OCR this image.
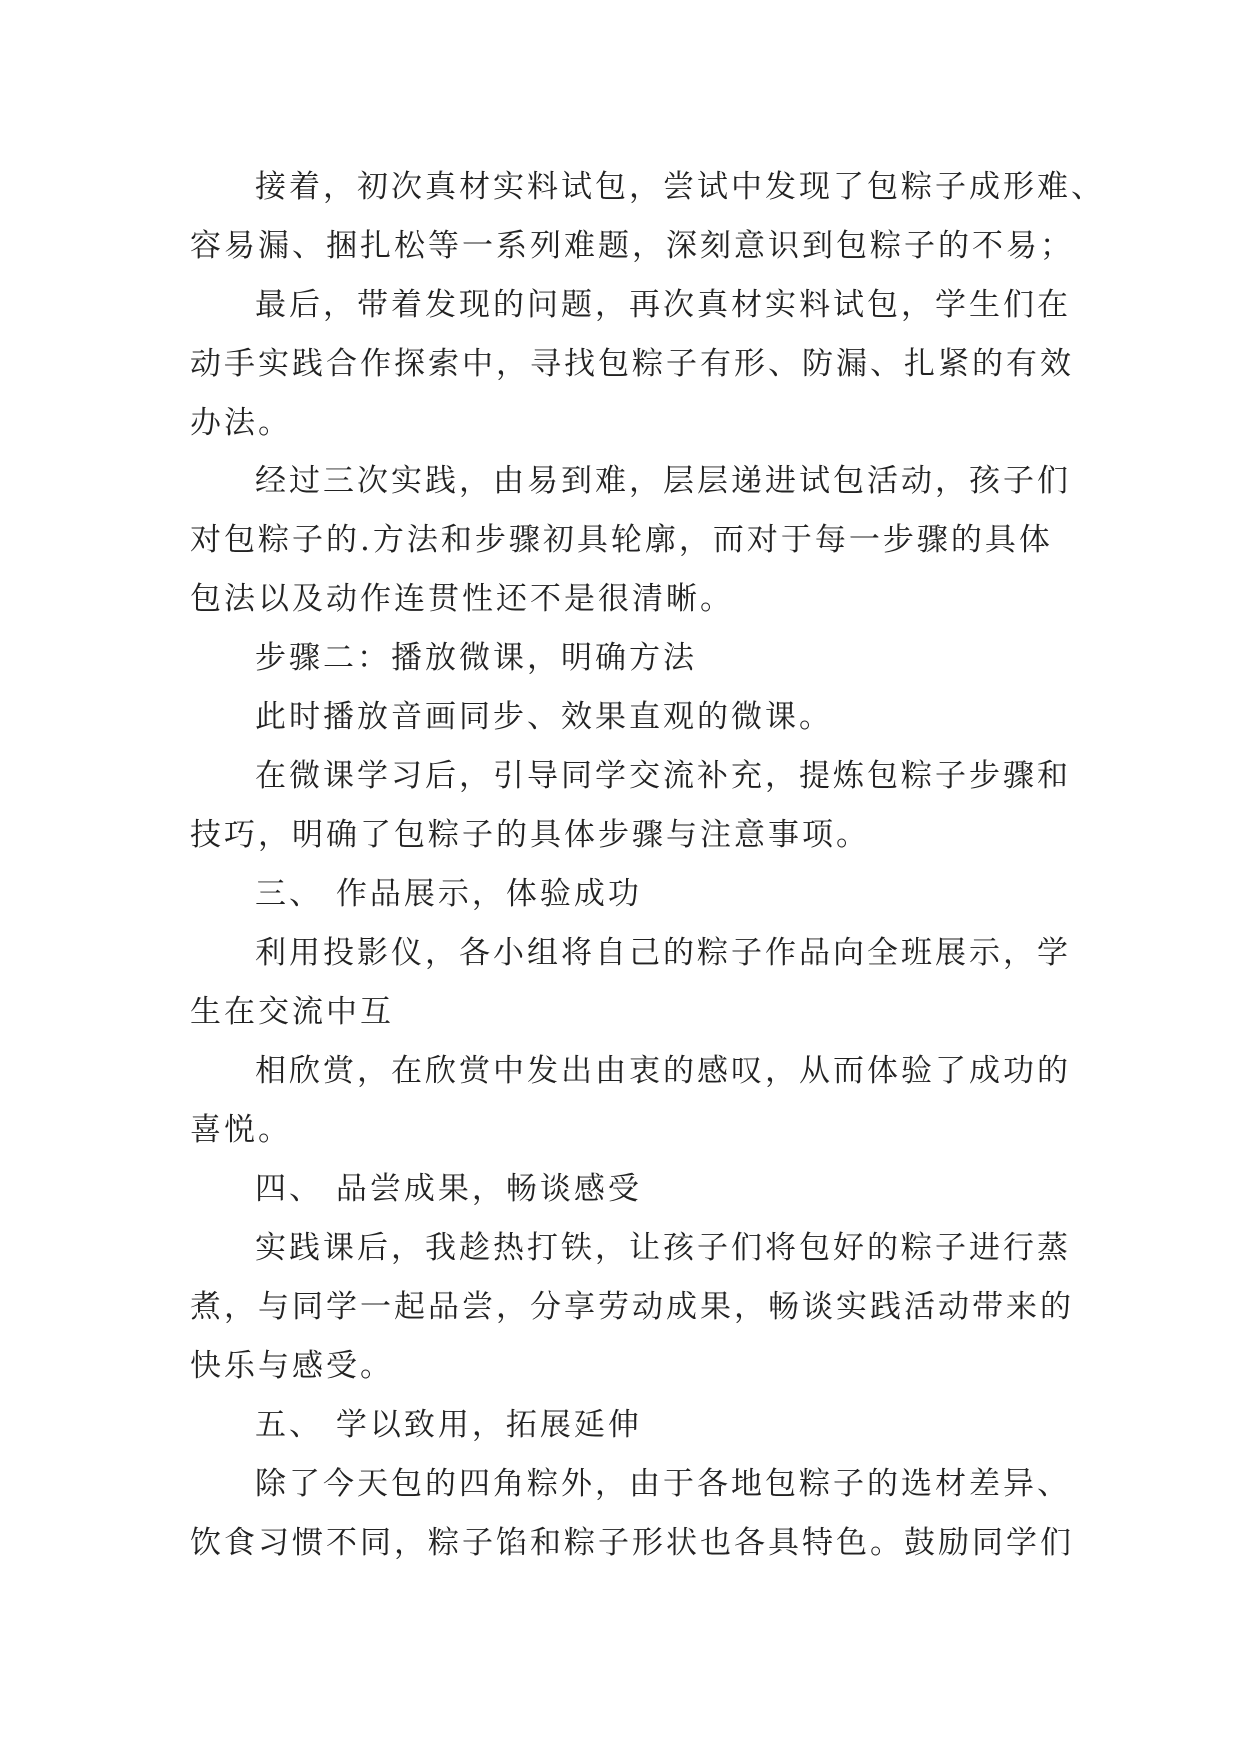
接着，初次真材实料试包，尝试中发现了包粽子成形难、
容易漏、捆扎松等一系列难题，深刻意识到包粽子的不易；
最后，带着发现的问题，再次真材实料试包，学生们在
动手实践合作探索中，寻找包粽子有形、防漏、扎紧的有效
办法。
经过三次实践，由易到难，层层递进试包活动，孩子们
对包粽子的.方法和步骤初具轮廓，而对于每一步骤的具体
包法以及动作连贯性还不是很清晰。
步骤二：播放微课，明确方法
此时播放音画同步、效果直观的微课。
在微课学习后，引导同学交流补充，提炼包粽子步骤和
技巧，明确了包粽子的具体步骤与注意事项。
三、 作品展示，体验成功
利用投影仪，各小组将自己的粽子作品向全班展示，学
生在交流中互
相欣赏，在欣赏中发出由衷的感叹，从而体验了成功的
喜悦。
四、 品尝成果，畅谈感受
实践课后，我趁热打铁，让孩子们将包好的粽子进行蒸
煮，与同学一起品尝，分享劳动成果，畅谈实践活动带来的
快乐与感受。
五、 学以致用，拓展延伸
除了今天包的四角粽外，由于各地包粽子的选材差异、
饮食习惯不同，粽子馅和粽子形状也各具特色。鼓励同学们
